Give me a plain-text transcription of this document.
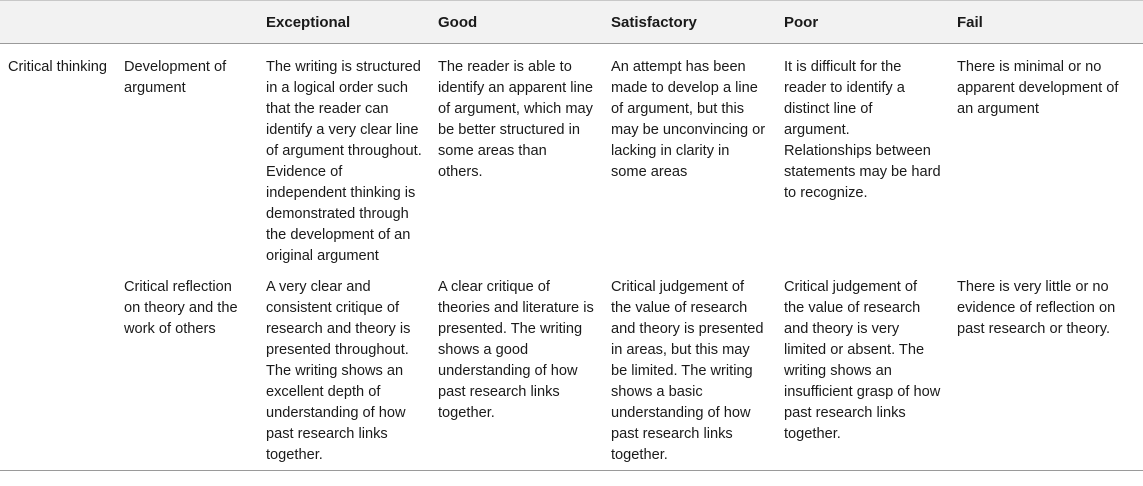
		Exceptional	Good	Satisfactory	Poor	Fail
Critical thinking	Development of argument	The writing is structured in a logical order such that the reader can identify a very clear line of argument throughout. Evidence of independent thinking is demonstrated through the development of an original argument	The reader is able to identify an apparent line of argument, which may be better structured in some areas than others.	An attempt has been made to develop a line of argument, but this may be unconvincing or lacking in clarity in some areas	It is difficult for the reader to identify a distinct line of argument. Relationships between statements may be hard to recognize.	There is minimal or no apparent development of an argument
	Critical reflection on theory and the work of others	A very clear and consistent critique of research and theory is presented throughout. The writing shows an excellent depth of understanding of how past research links together.	A clear critique of theories and literature is presented. The writing shows a good understanding of how past research links together.	Critical judgement of the value of research and theory is presented in areas, but this may be limited. The writing shows a basic understanding of how past research links together.	Critical judgement of the value of research and theory is very limited or absent. The writing shows an insufficient grasp of how past research links together.	There is very little or no evidence of reflection on past research or theory.
